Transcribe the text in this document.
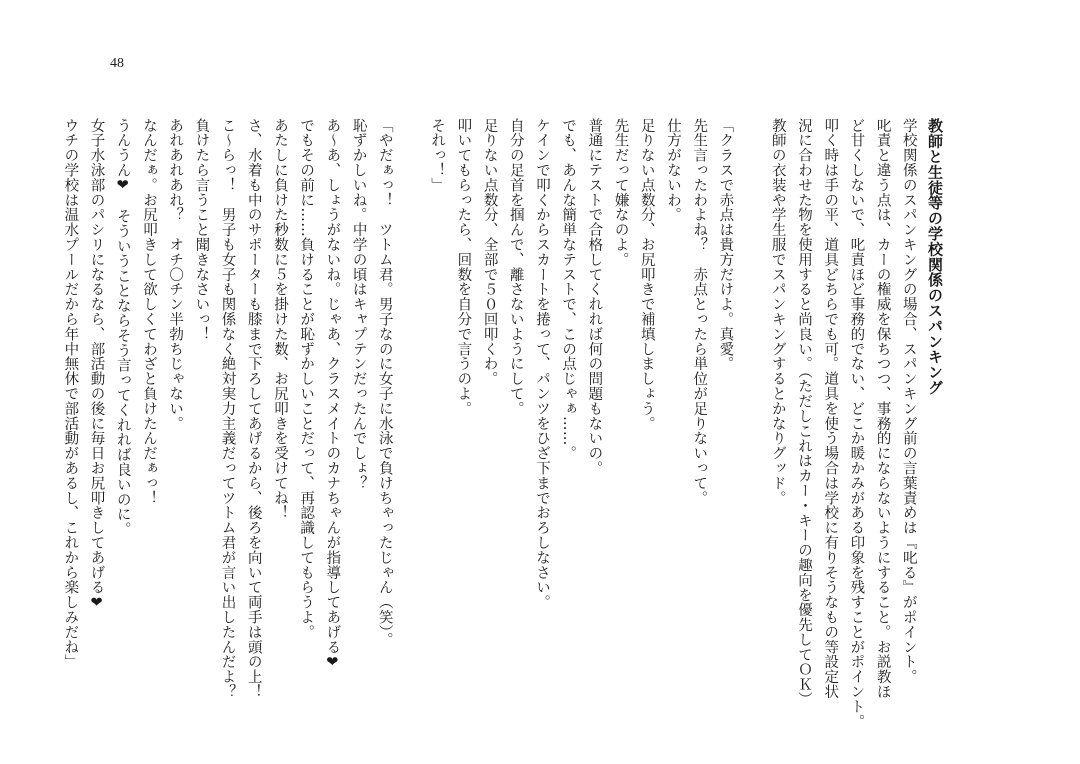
48
教師と生徒等の学校関係のスパンキング
学校関係のスパンキングの場合、スパンキング前の言葉責めは『叱る』がポイント。
叱責と違う点は、カーの権威を保ちつつ、事務的にならないようにすること。お説教ほ
ど甘くしないで、叱責ほど事務的でない、どこか暖かみがある印象を残すことがポイント。
叩く時は手の平、道具どちらでも可。道具を使う場合は学校に有りそうなもの等設定状
況に合わせた物を使用すると尚良い。（ただしこれはカー・キーの趣向を優先してＯＫ）
教師の衣装や学生服でスパンキングするとかなりグッド。
「クラスで赤点は貴方だけよ。真愛。
先生言ったわよね？　赤点とったら単位が足りないって。
仕方がないわ。
足りない点数分、お尻叩きで補填しましょう。
先生だって嫌なのよ。
普通にテストで合格してくれれば何の問題もないの。
でも、あんな簡単なテストで、この点じゃぁ……。
ケインで叩くからスカートを捲って、パンツをひざ下までおろしなさい。
自分の足首を掴んで、離さないようにして。
足りない点数分、全部で５０回叩くわ。
叩いてもらったら、回数を自分で言うのよ。
それっ！」
「やだぁっ！　ツトム君。男子なのに女子に水泳で負けちゃったじゃん（笑）。
恥ずかしいね。中学の頃はキャプテンだったんでしょ？
あ〜あ、しょうがないね。じゃあ、クラスメイトのカナちゃんが指導してあげる❤
でもその前に……負けることが恥ずかしいことだって、再認識してもらうよ。
あたしに負けた秒数に５を掛けた数、お尻叩きを受けてね！
さ、水着も中のサポーターも膝まで下ろしてあげるから、後ろを向いて両手は頭の上！
こ〜らっ！　男子も女子も関係なく絶対実力主義だってツトム君が言い出したんだよ？
負けたら言うこと聞きなさいっ！
あれあれあれ？　オチ〇チン半勃ちじゃない。
なんだぁ。お尻叩きして欲しくてわざと負けたんだぁっ！
うんうん❤　そういうことならそう言ってくれれば良いのに。
女子水泳部のパシリになるなら、部活動の後に毎日お尻叩きしてあげる❤
ウチの学校は温水プールだから年中無休で部活動があるし、これから楽しみだね」
